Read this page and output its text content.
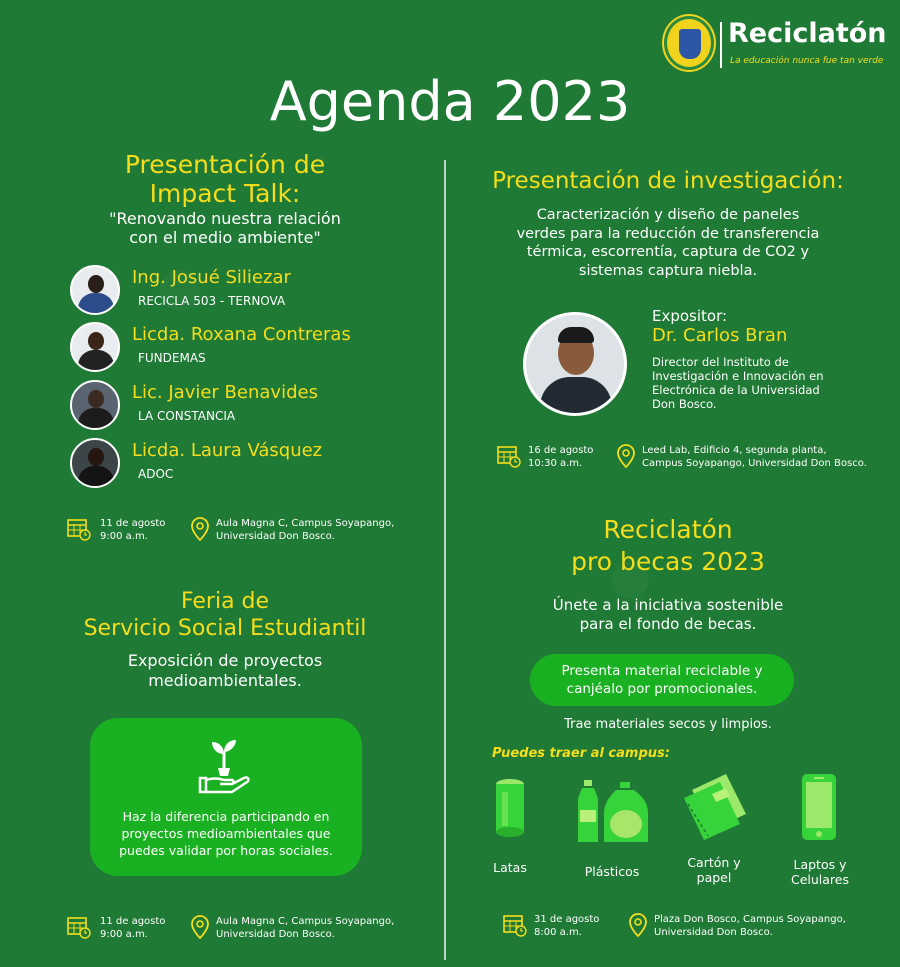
Reciclatón
La educación nunca fue tan verde
Agenda 2023
Presentación de
Impact Talk:
"Renovando nuestra relación
con el medio ambiente"
Ing. Josué Siliezar
RECICLA 503 - TERNOVA
Licda. Roxana Contreras
FUNDEMAS
Lic. Javier Benavides
LA CONSTANCIA
Licda. Laura Vásquez
ADOC
11 de agosto
9:00 a.m.
Aula Magna C, Campus Soyapango,
Universidad Don Bosco.
Feria de
Servicio Social Estudiantil
Exposición de proyectos
medioambientales.
Haz la diferencia participando en
proyectos medioambientales que
puedes validar por horas sociales.
11 de agosto
9:00 a.m.
Aula Magna C, Campus Soyapango,
Universidad Don Bosco.
Presentación de investigación:
Caracterización y diseño de paneles
verdes para la reducción de transferencia
térmica, escorrentía, captura de CO2 y
sistemas captura niebla.
Expositor:
Dr. Carlos Bran
Director del Instituto de
Investigación e Innovación en
Electrónica de la Universidad
Don Bosco.
16 de agosto
10:30 a.m.
Leed Lab, Edificio 4, segunda planta,
Campus Soyapango, Universidad Don Bosco.
Reciclatón
pro becas 2023
Únete a la iniciativa sostenible
para el fondo de becas.
Presenta material reciclable y
canjéalo por promocionales.
Trae materiales secos y limpios.
Puedes traer al campus:
Latas	Plásticos
Cartón y
papel
Laptos y
Celulares
31 de agosto
8:00 a.m.
Plaza Don Bosco, Campus Soyapango,
Universidad Don Bosco.
